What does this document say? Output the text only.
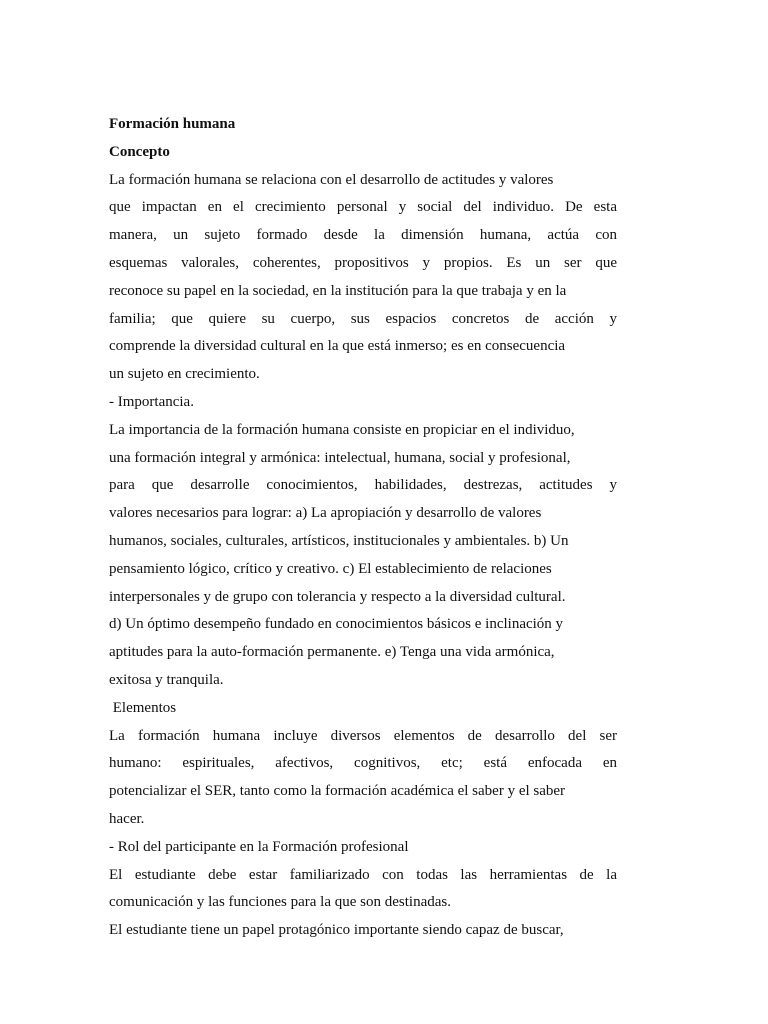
Formación humana
Concepto
La formación humana se relaciona con el desarrollo de actitudes y valores
que impactan en el crecimiento personal y social del individuo. De esta
manera, un sujeto formado desde la dimensión humana, actúa con
esquemas valorales, coherentes, propositivos y propios. Es un ser que
reconoce su papel en la sociedad, en la institución para la que trabaja y en la
familia; que quiere su cuerpo, sus espacios concretos de acción y
comprende la diversidad cultural en la que está inmerso; es en consecuencia
un sujeto en crecimiento.
- Importancia.
La importancia de la formación humana consiste en propiciar en el individuo,
una formación integral y armónica: intelectual, humana, social y profesional,
para que desarrolle conocimientos, habilidades, destrezas, actitudes y
valores necesarios para lograr: a) La apropiación y desarrollo de valores
humanos, sociales, culturales, artísticos, institucionales y ambientales. b) Un
pensamiento lógico, crítico y creativo. c) El establecimiento de relaciones
interpersonales y de grupo con tolerancia y respecto a la diversidad cultural.
d) Un óptimo desempeño fundado en conocimientos básicos e inclinación y
aptitudes para la auto-formación permanente. e) Tenga una vida armónica,
exitosa y tranquila.
Elementos
La formación humana incluye diversos elementos de desarrollo del ser
humano: espirituales, afectivos, cognitivos, etc; está enfocada en
potencializar el SER, tanto como la formación académica el saber y el saber
hacer.
- Rol del participante en la Formación profesional
El estudiante debe estar familiarizado con todas las herramientas de la
comunicación y las funciones para la que son destinadas.
El estudiante tiene un papel protagónico importante siendo capaz de buscar,
